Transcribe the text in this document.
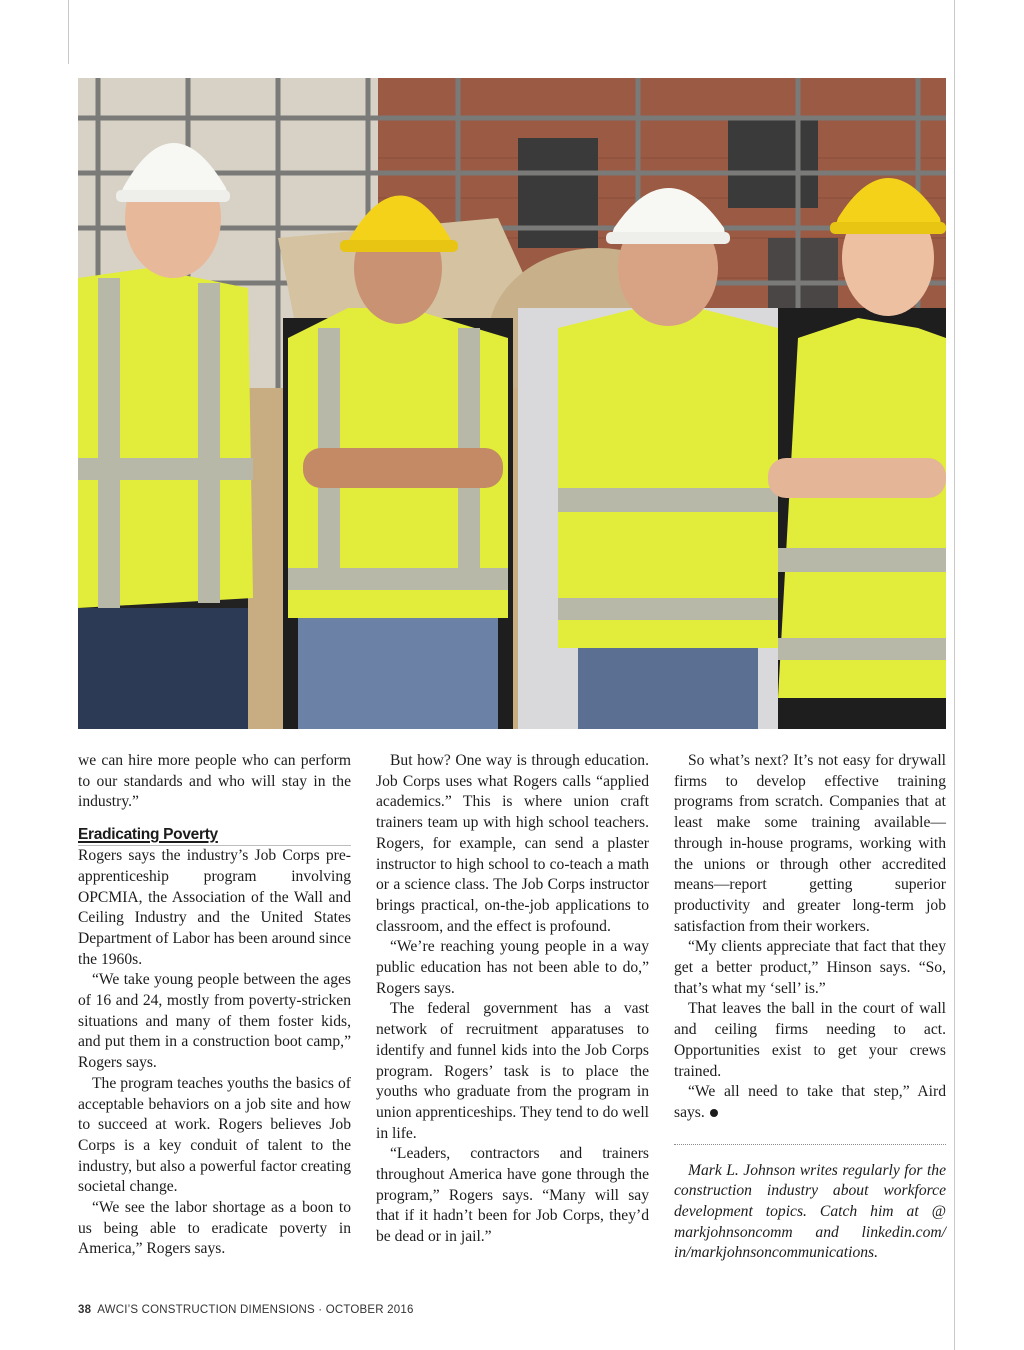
we can hire more people who can perform to our standards and who will stay in the industry.”

Eradicating Poverty

Rogers says the industry’s Job Corps pre-apprenticeship program involving OPCMIA, the Association of the Wall and Ceiling Industry and the United States Department of Labor has been around since the 1960s.

“We take young people between the ages of 16 and 24, mostly from poverty-stricken situations and many of them foster kids, and put them in a construction boot camp,” Rogers says.

The program teaches youths the basics of acceptable behaviors on a job site and how to succeed at work. Rogers believes Job Corps is a key conduit of talent to the industry, but also a powerful factor creating societal change.

“We see the labor shortage as a boon to us being able to eradicate poverty in America,” Rogers says.

But how? One way is through education. Job Corps uses what Rogers calls “applied academics.” This is where union craft trainers team up with high school teachers. Rogers, for example, can send a plaster instructor to high school to co-teach a math or a science class. The Job Corps instructor brings practical, on-the-job applications to classroom, and the effect is profound.

“We’re reaching young people in a way public education has not been able to do,” Rogers says.

The federal government has a vast network of recruitment apparatuses to identify and funnel kids into the Job Corps program. Rogers’ task is to place the youths who graduate from the program in union apprenticeships. They tend to do well in life.

“Leaders, contractors and trainers throughout America have gone through the program,” Rogers says. “Many will say that if it hadn’t been for Job Corps, they’d be dead or in jail.”

So what’s next? It’s not easy for drywall firms to develop effective training programs from scratch. Companies that at least make some training available—through in-house programs, working with the unions or through other accredited means—report getting superior productivity and greater long-term job satisfaction from their workers.

“My clients appreciate that fact that they get a better product,” Hinson says. “So, that’s what my ‘sell’ is.”

That leaves the ball in the court of wall and ceiling firms needing to act. Opportunities exist to get your crews trained.

“We all need to take that step,” Aird says.

Mark L. Johnson writes regularly for the construction industry about workforce development topics. Catch him at @ markjohnsoncomm and linkedin.com/ in/markjohnsoncommunications.

38 AWCI’S CONSTRUCTION DIMENSIONS · OCTOBER 2016
